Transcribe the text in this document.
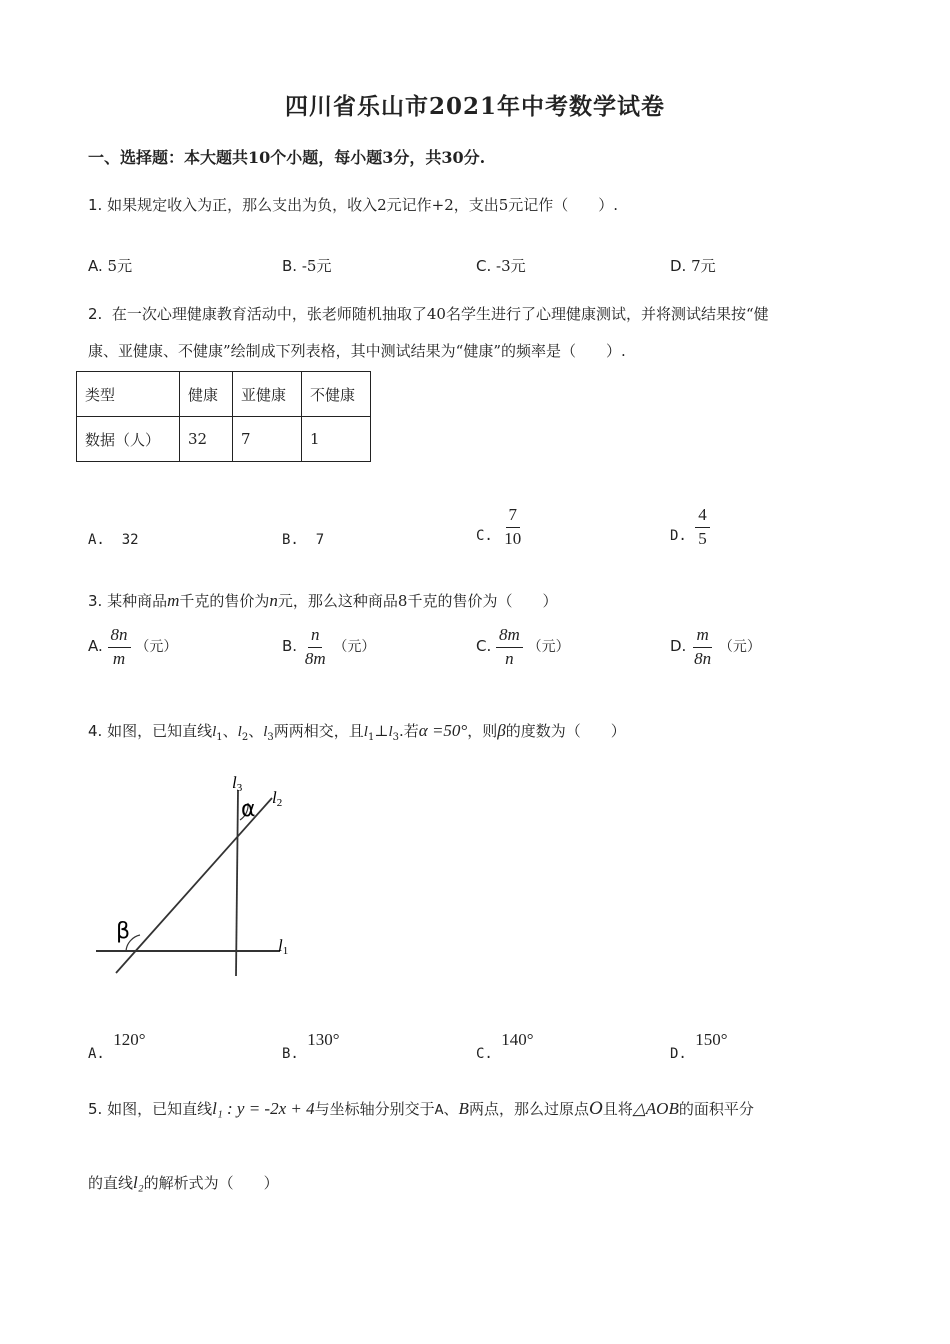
四川省乐山市2021年中考数学试卷
一、选择题：本大题共10个小题，每小题3分，共30分.
1. 如果规定收入为正，那么支出为负，收入2元记作+2，支出5元记作（　　）.
A. 5元	B. -5元	C. -3元	D. 7元
2. 在一次心理健康教育活动中，张老师随机抽取了40名学生进行了心理健康测试，并将测试结果按“健
康、亚健康、不健康”绘制成下列表格，其中测试结果为“健康”的频率是（　　）.
类型	健康	亚健康	不健康
数据（人）	32	7	1
A. 32	B. 7	C. $\frac{7}{10}$	D. $\frac{4}{5}$
3. 某种商品m千克的售价为n元，那么这种商品8千克的售价为（　　）
A. $\frac{8n}{m}$ （元）	B. $\frac{n}{8m}$ （元）	C. $\frac{8m}{n}$ （元）	D. $\frac{m}{8n}$ （元）
4. 如图，已知直线$l_1$、$l_2$、$l_3$两两相交，且$l_1\perp l_3$.若α =50°，则β的度数为（　　）
l1
l2
l3
α
β
A. 120°
B. 130°
C. 140°
D. 150°
5. 如图，已知直线l₁ : y = -2x + 4与坐标轴分别交于A、B两点，那么过原点O且将△AOB的面积平分
的直线l₂的解析式为（　　）
